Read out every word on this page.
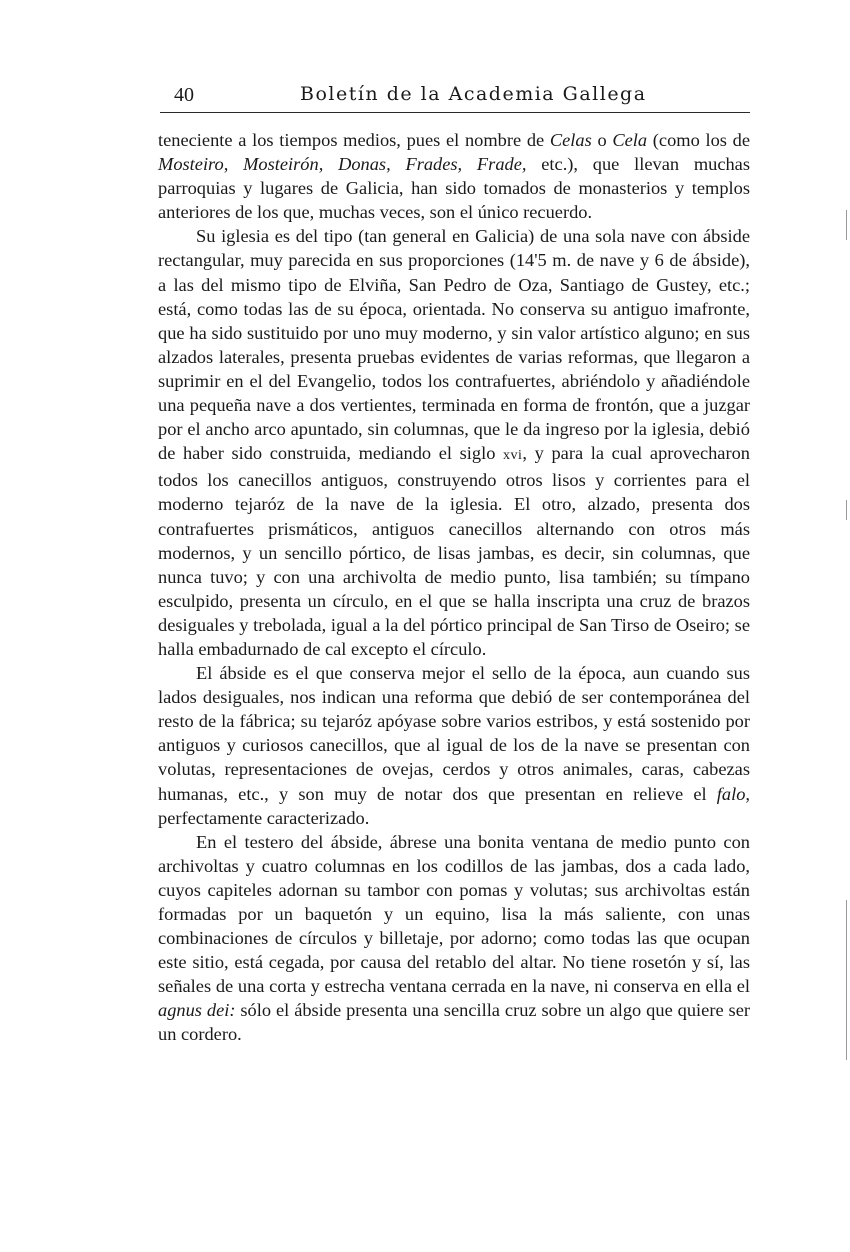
40	Boletín de la Academia Gallega

teneciente a los tiempos medios, pues el nombre de Celas o Cela (como los de Mosteiro, Mosteirón, Donas, Frades, Frade, etc.), que llevan muchas parroquias y lugares de Galicia, han sido tomados de monasterios y templos anteriores de los que, muchas veces, son el único recuerdo.

Su iglesia es del tipo (tan general en Galicia) de una sola nave con ábside rectangular, muy parecida en sus proporciones (14'5 m. de nave y 6 de ábside), a las del mismo tipo de Elviña, San Pedro de Oza, Santiago de Gustey, etc.; está, como todas las de su época, orientada. No conserva su antiguo imafronte, que ha sido sustituido por uno muy moderno, y sin valor artístico alguno; en sus alzados laterales, presenta pruebas evidentes de varias reformas, que llegaron a suprimir en el del Evangelio, todos los contrafuertes, abriéndolo y añadiéndole una pequeña nave a dos vertientes, terminada en forma de frontón, que a juzgar por el ancho arco apuntado, sin columnas, que le da ingreso por la iglesia, debió de haber sido construida, mediando el siglo xvi, y para la cual aprovecharon todos los canecillos antiguos, construyendo otros lisos y corrientes para el moderno tejaróz de la nave de la iglesia. El otro, alzado, presenta dos contrafuertes prismáticos, antiguos canecillos alternando con otros más modernos, y un sencillo pórtico, de lisas jambas, es decir, sin columnas, que nunca tuvo; y con una archivolta de medio punto, lisa también; su tímpano esculpido, presenta un círculo, en el que se halla inscripta una cruz de brazos desiguales y trebolada, igual a la del pórtico principal de San Tirso de Oseiro; se halla embadurnado de cal excepto el círculo.

El ábside es el que conserva mejor el sello de la época, aun cuando sus lados desiguales, nos indican una reforma que debió de ser contemporánea del resto de la fábrica; su tejaróz apóyase sobre varios estribos, y está sostenido por antiguos y curiosos canecillos, que al igual de los de la nave se presentan con volutas, representaciones de ovejas, cerdos y otros animales, caras, cabezas humanas, etc., y son muy de notar dos que presentan en relieve el falo, perfectamente caracterizado.

En el testero del ábside, ábrese una bonita ventana de medio punto con archivoltas y cuatro columnas en los codillos de las jambas, dos a cada lado, cuyos capiteles adornan su tambor con pomas y volutas; sus archivoltas están formadas por un baquetón y un equino, lisa la más saliente, con unas combinaciones de círculos y billetaje, por adorno; como todas las que ocupan este sitio, está cegada, por causa del retablo del altar. No tiene rosetón y sí, las señales de una corta y estrecha ventana cerrada en la nave, ni conserva en ella el agnus dei: sólo el ábside presenta una sencilla cruz sobre un algo que quiere ser un cordero.
